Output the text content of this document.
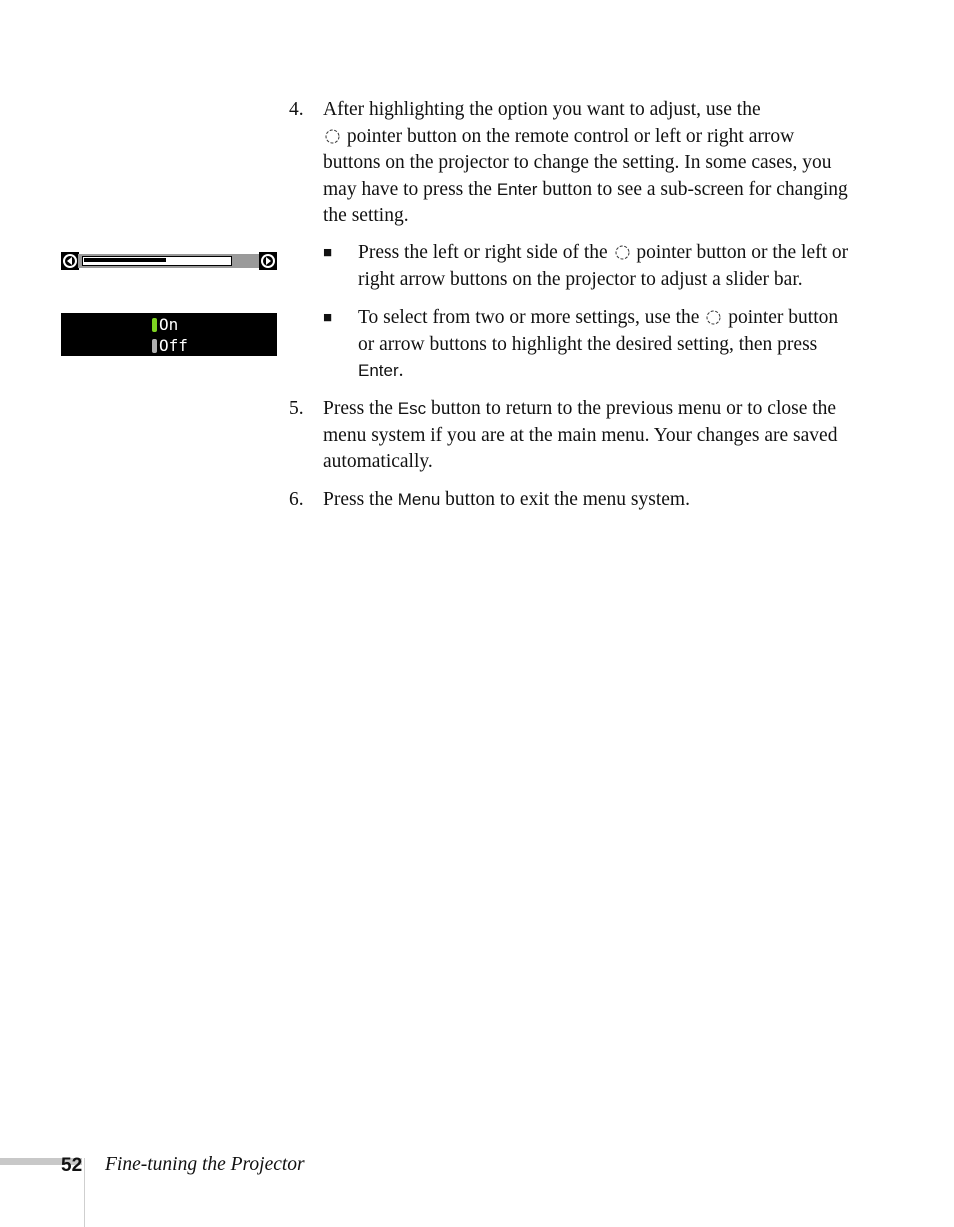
4. After highlighting the option you want to adjust, use the

pointer button on the remote control or left or right arrow buttons on the projector to change the setting. In some cases, you may have to press the Enter button to see a sub-screen for changing the setting.
■ Press the left or right side of the pointer button or the left or right arrow buttons on the projector to adjust a slider bar.
■ To select from two or more settings, use the pointer button or arrow buttons to highlight the desired setting, then press Enter.
5. Press the Esc button to return to the previous menu or to close the menu system if you are at the main menu. Your changes are saved automatically.
6. Press the Menu button to exit the menu system.
On
Off
52 Fine-tuning the Projector
